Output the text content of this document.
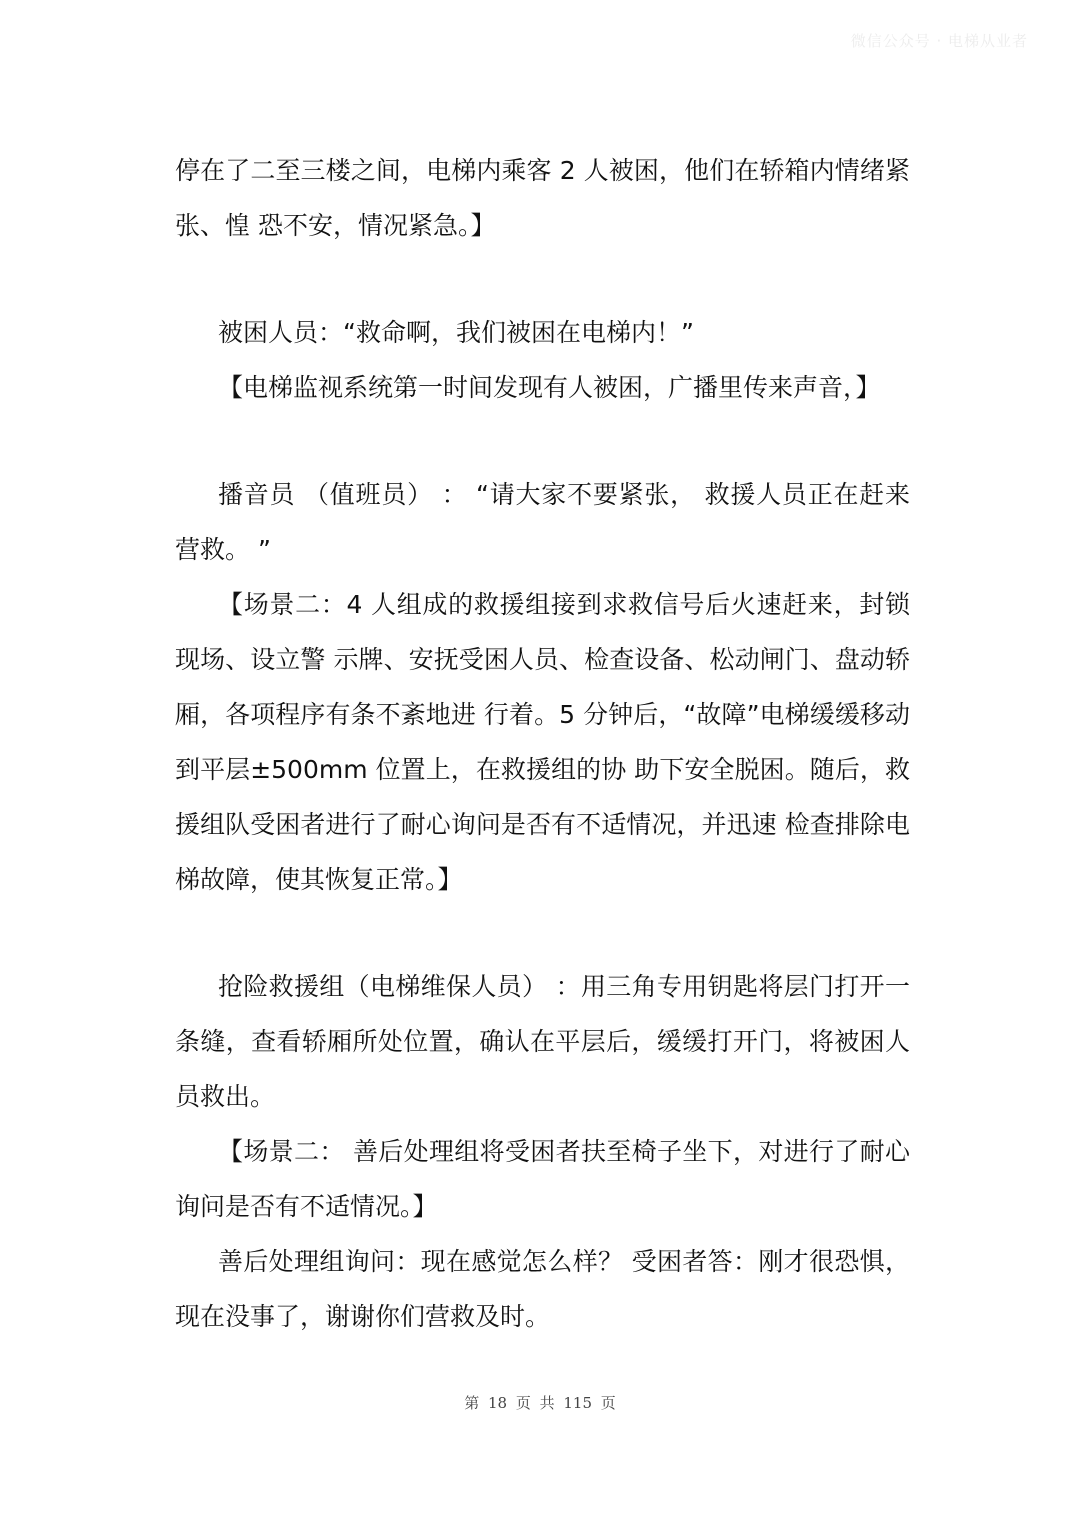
微信公众号 · 电梯从业者

停在了二至三楼之间，电梯内乘客 2 人被困，他们在轿箱内情绪紧张、惶 恐不安，情况紧急。】

被困人员：“救命啊，我们被困在电梯内！”

【电梯监视系统第一时间发现有人被困，广播里传来声音，】

播音员 （值班员） ： “请大家不要紧张， 救援人员正在赶来营救。 ”

【场景二：4 人组成的救援组接到求救信号后火速赶来，封锁现场、设立警 示牌、安抚受困人员、检查设备、松动闸门、盘动轿厢，各项程序有条不紊地进 行着。5 分钟后，“故障”电梯缓缓移动到平层±500mm 位置上，在救援组的协 助下安全脱困。随后，救援组队受困者进行了耐心询问是否有不适情况，并迅速 检查排除电梯故障，使其恢复正常。】

抢险救援组（电梯维保人员） ：用三角专用钥匙将层门打开一条缝，查看轿厢所处位置，确认在平层后，缓缓打开门，将被困人员救出。

【场景二： 善后处理组将受困者扶至椅子坐下，对进行了耐心询问是否有不适情况。】

善后处理组询问：现在感觉怎么样？ 受困者答：刚才很恐惧，现在没事了，谢谢你们营救及时。

第 18 页 共 115 页
